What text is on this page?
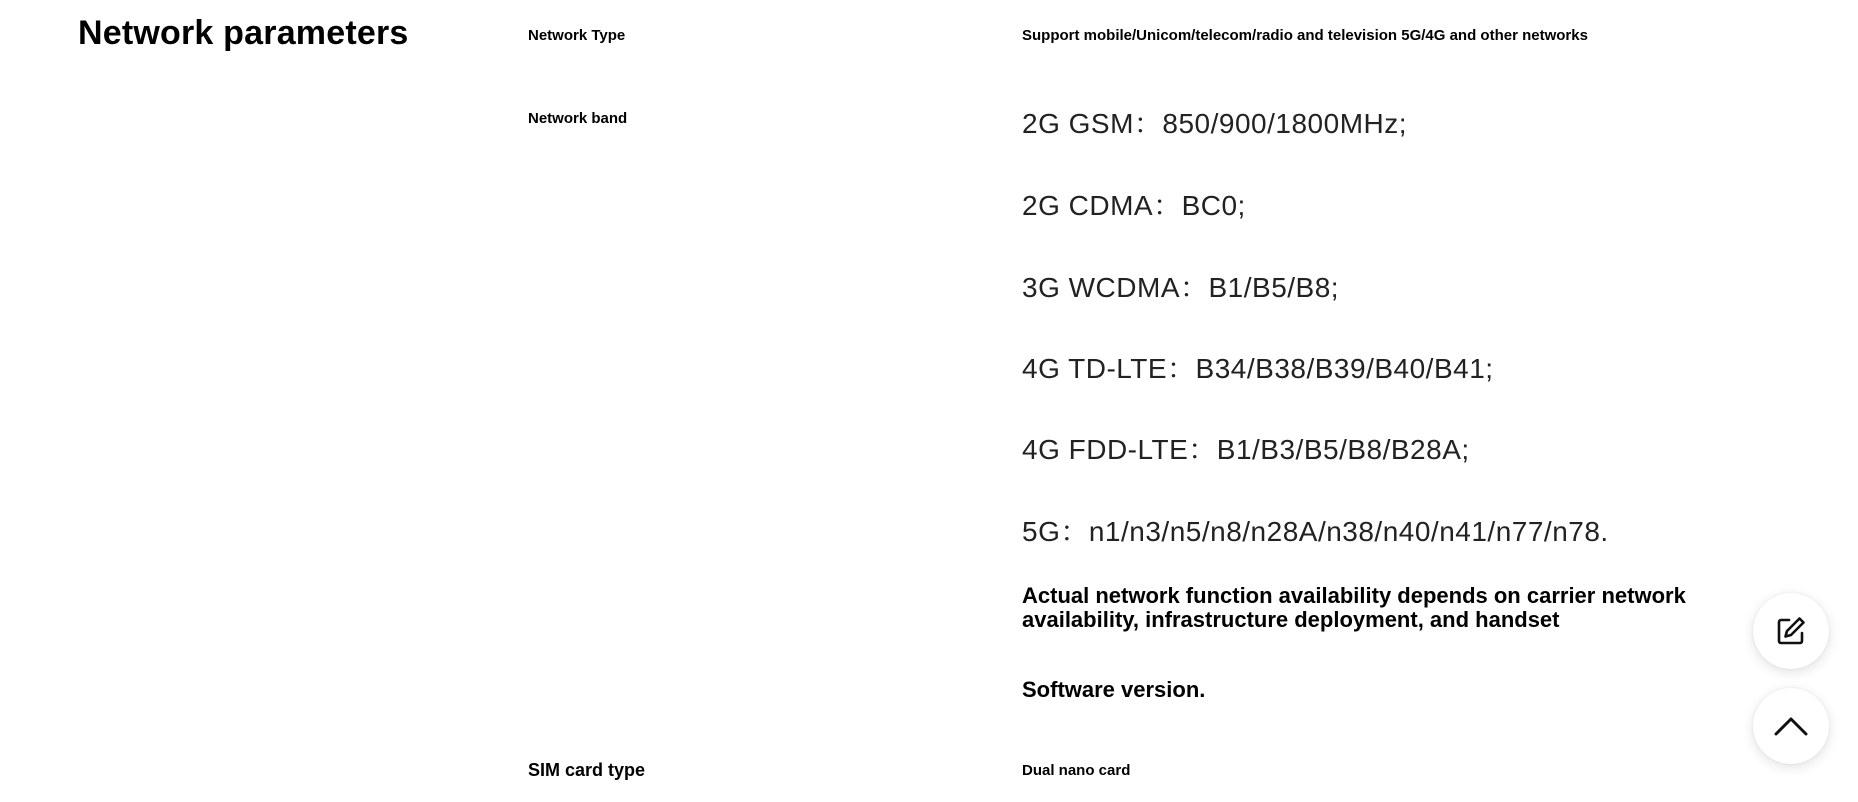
Network parameters	Network Type	Support mobile/Unicom/telecom/radio and television 5G/4G and other networks
Network band	2G GSM：850/900/1800MHz;
2G CDMA：BC0;
3G WCDMA：B1/B5/B8;
4G TD-LTE：B34/B38/B39/B40/B41;
4G FDD-LTE：B1/B3/B5/B8/B28A;
5G：n1/n3/n5/n8/n28A/n38/n40/n41/n77/n78.
Actual network function availability depends on carrier network availability, infrastructure deployment, and handset
Software version.
SIM card type	Dual nano card
